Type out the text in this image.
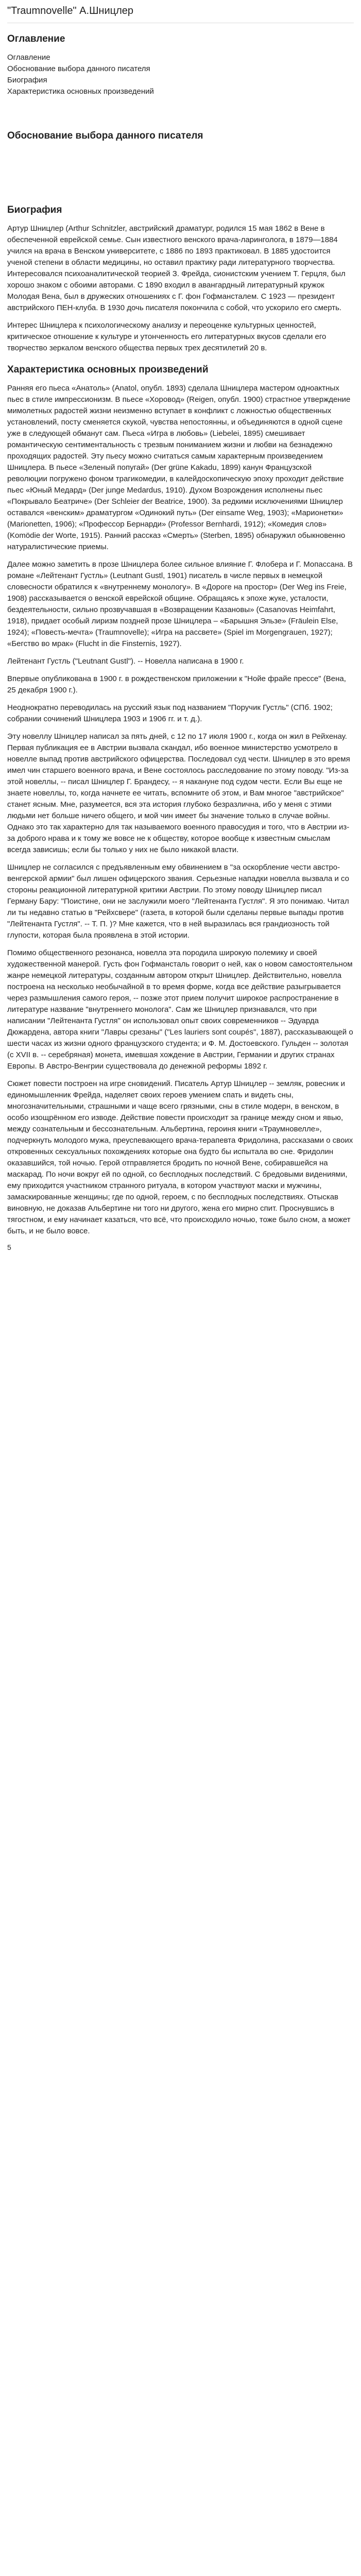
"Traumnovelle" А.Шницлер
Оглавление
Оглавление
Обоснование выбора данного писателя
Биография
Характеристика основных произведений
Обоснование выбора данного писателя
Биография

Артур Шницлер (Arthur Schnitzler, австрийский драматург, родился 15 мая 1862 в Вене в обеспеченной еврейской семье. Сын известного венского врача-ларинголога, в 1879—1884 учился на врача в Венском университете, с 1886 по 1893 практиковал. В 1885 удостоится ученой степени в области медицины, но оставил практику ради литературного творчества. Интересовался психоаналитической теорией З. Фрейда, сионистским учением Т. Герцля, был хорошо знаком с обоими авторами. С 1890 входил в авангардный литературный кружок Молодая Вена, был в дружеских отношениях с Г. фон Гофмансталем. С 1923 — президент австрийского ПЕН-клуба. В 1930 дочь писателя покончила с собой, что ускорило его смерть.

Интерес Шницлера к психологическому анализу и переоценке культурных ценностей, критическое отношение к культуре и утонченность его литературных вкусов сделали его творчество зеркалом венского общества первых трех десятилетий 20 в.

Характеристика основных произведений

Ранняя его пьеса «Анатоль» (Anatol, опубл. 1893) сделала Шницлера мастером одноактных пьес в стиле импрессионизм. В пьесе «Хоровод» (Reigen, опубл. 1900) страстное утверждение мимолетных радостей жизни неизменно вступает в конфликт с ложностью общественных установлений, посту сменяется скукой, чувства непостоянны, и объединяются в одной сцене уже в следующей обманут сам. Пьеса «Игра в любовь» (Liebelei, 1895) смешивает романтическую сентиментальность с трезвым пониманием жизни и любви на безнадежно проходящих радостей. Эту пьесу можно считаться самым характерным произведением Шницлера. В пьесе «Зеленый попугай» (Der grüne Kakadu, 1899) канун Французской революции погружено фоном трагикомедии, в калейдоскопическую эпоху проходит действие пьес «Юный Медард» (Der junge Medardus, 1910). Духом Возрождения исполнены пьес «Покрывало Беатриче» (Der Schleier der Beatrice, 1900). За редкими исключениями Шницлер оставался «венским» драматургом «Одинокий путь» (Der einsame Weg, 1903); «Марионетки» (Marionetten, 1906); «Профессор Бернарди» (Professor Bernhardi, 1912); «Комедия слов» (Komödie der Worte, 1915). Ранний рассказ «Смерть» (Sterben, 1895) обнаружил обыкновенно натуралистические приемы.

Далее можно заметить в прозе Шницлера более сильное влияние Г. Флобера и Г. Мопассана. В романе «Лейтенант Густль» (Leutnant Gustl, 1901) писатель в числе первых в немецкой словесности обратился к «внутреннему монологу». В «Дороге на простор» (Der Weg ins Freie, 1908) рассказывается о венской еврейской общине. Обращаясь к эпохе жуке, усталости, бездеятельности, сильно прозвучавшая в «Возвращении Казановы» (Casanovas Heimfahrt, 1918), придает особый лиризм поздней прозе Шницлера – «Барышня Эльзе» (Fräulein Else, 1924); «Повесть-мечта» (Traumnovelle); «Игра на рассвете» (Spiel im Morgengrauen, 1927); «Бегство во мрак» (Flucht in die Finsternis, 1927).

Лейтенант Густль ("Leutnant Gustl"). -- Новелла написана в 1900 г.

Впервые опубликована в 1900 г. в рождественском приложении к "Нойе фрайе прессе" (Вена, 25 декабря 1900 г.).

Неоднократно переводилась на русский язык под названием "Поручик Густль" (СПб. 1902; собрании сочинений Шницлера 1903 и 1906 гг. и т. д.).

Эту новеллу Шницлер написал за пять дней, с 12 по 17 июля 1900 г., когда он жил в Рейхенау. Первая публикация ее в Австрии вызвала скандал, ибо военное министерство усмотрело в новелле выпад против австрийского офицерства. Последовал суд чести. Шницлер в это время имел чин старшего военного врача, и Вене состоялось расследование по этому поводу. "Из-за этой новеллы, -- писал Шницлер Г. Брандесу, -- я накануне под судом чести. Если Вы еще не знаете новеллы, то, когда начнете ее читать, вспомните об этом, и Вам многое "австрийское" станет ясным. Мне, разумеется, вся эта история глубоко безразлична, ибо у меня с этими людьми нет больше ничего общего, и мой чин имеет бы значение только в случае войны. Однако это так характерно для так называемого военного правосудия и того, что в Австрии из-за доброго нрава и к тому же вовсе не к обществу, которое вообще к известным смыслам всегда зависишь; если бы только у них не было никакой власти.

Шницлер не согласился с предъявленным ему обвинением в "за оскорбление чести австро-венгерской армии" был лишен офицерского звания. Серьезные нападки новелла вызвала и со стороны реакционной литературной критики Австрии. По этому поводу Шницлер писал Герману Бару: "Поистине, они не заслужили моего "Лейтенанта Густля". Я это понимаю. Читал ли ты недавно статью в "Рейхсвере" (газета, в которой были сделаны первые выпады против "Лейтенанта Густля". -- Т. П. )? Мне кажется, что в ней выразилась вся грандиозность той глупости, которая была проявлена в этой истории.

Помимо общественного резонанса, новелла эта породила широкую полемику и своей художественной манерой. Густь фон Гофмансталь говорит о ней, как о новом самостоятельном жанре немецкой литературы, созданным автором открыт Шницлер. Действительно, новелла построена на несколько необычайной в то время форме, когда все действие разыгрывается через размышления самого героя, -- позже этот прием получит широкое распространение в литературе название "внутреннего монолога". Сам же Шницлер признавался, что при написании "Лейтенанта Густля" он использовал опыт своих современников -- Эдуарда Дюжардена, автора книги "Лавры срезаны" ("Les lauriers sont coupés", 1887), рассказывающей о шести часах из жизни одного французского студента; и Ф. М. Достоевского. Гульден -- золотая (с XVII в. -- серебряная) монета, имевшая хождение в Австрии, Германии и других странах Европы. В Австро-Венгрии существовала до денежной реформы 1892 г.

Сюжет повести построен на игре сновидений. Писатель Артур Шницлер -- земляк, ровесник и единомышленник Фрейда, наделяет своих героев умением спать и видеть сны, многозначительными, страшными и чаще всего грязными, сны в стиле модерн, в венском, в особо изощрённом его изводе. Действие повести происходит за границе между сном и явью, между сознательным и бессознательным. Альбертина, героиня книги «Траумновелле», подчеркнуть молодого мужа, преуспевающего врача-терапевта Фридолина, рассказами о своих откровенных сексуальных похождениях которые она будто бы испытала во сне. Фридолин оказавшийся, той ночью. Герой отправляется бродить по ночной Вене, собиравшейся на маскарад. По ночи вокруг ей по одной, со бесплодных последствий. С бредовыми видениями, ему приходится участником странного ритуала, в котором участвуют маски и мужчины, замаскированные женщины; где по одной, героем, с по бесплодных последствиях. Отыскав виновную, не доказав Альбертине ни того ни другого, жена его мирно спит. Проснувшись в тягостном, и ему начинает казаться, что всё, что происходило ночью, тоже было сном, а может быть, и не было вовсе.

5
